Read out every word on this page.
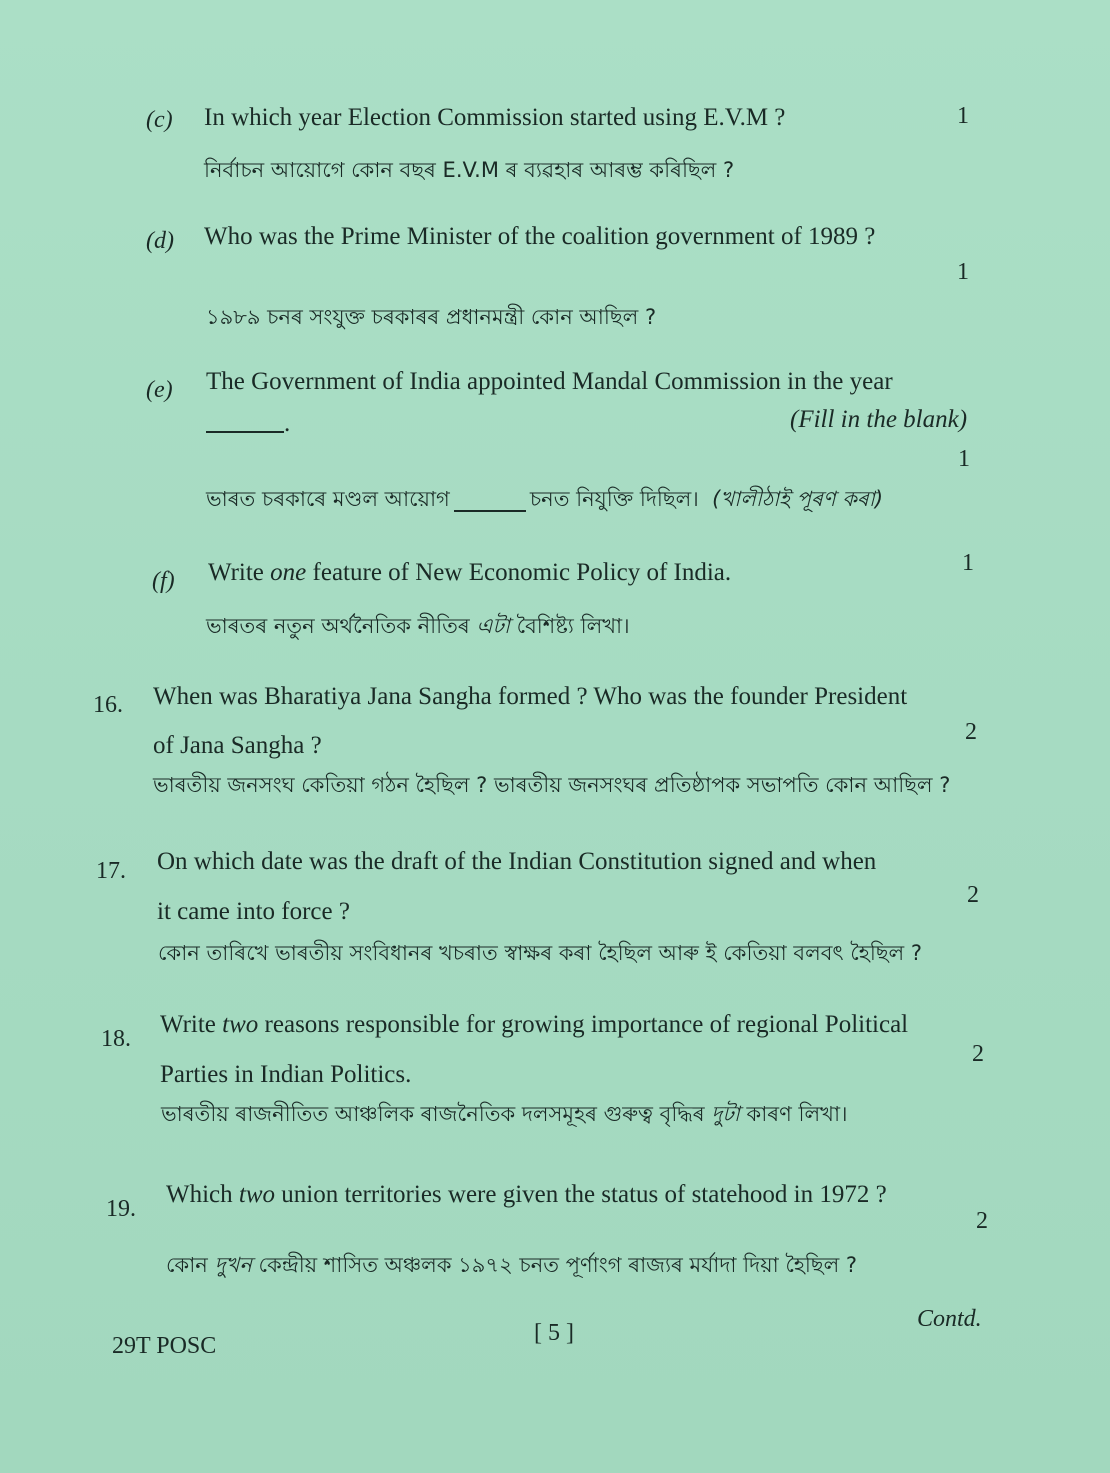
(c) In which year Election Commission started using E.V.M ?	1
নির্বাচন আয়োগে কোন বছৰ E.V.M ৰ ব্যৱহাৰ আৰম্ভ কৰিছিল ?
(d) Who was the Prime Minister of the coalition government of 1989 ?
1
১৯৮৯ চনৰ সংযুক্ত চৰকাৰৰ প্ৰধানমন্ত্ৰী কোন আছিল ?
(e) The Government of India appointed Mandal Commission in the year
.	(Fill in the blank)
1
ভাৰত চৰকাৰে মণ্ডল আয়োগ	চনত নিযুক্তি দিছিল। (খালীঠাই পূৰণ কৰা)
(f) Write one feature of New Economic Policy of India.	1
ভাৰতৰ নতুন অৰ্থনৈতিক নীতিৰ এটা বৈশিষ্ট্য লিখা।
16. When was Bharatiya Jana Sangha formed ? Who was the founder President
of Jana Sangha ?	2
ভাৰতীয় জনসংঘ কেতিয়া গঠন হৈছিল ? ভাৰতীয় জনসংঘৰ প্ৰতিষ্ঠাপক সভাপতি কোন আছিল ?
17. On which date was the draft of the Indian Constitution signed and when
it came into force ?
2
কোন তাৰিখে ভাৰতীয় সংবিধানৰ খচৰাত স্বাক্ষৰ কৰা হৈছিল আৰু ই কেতিয়া বলবৎ হৈছিল ?
18.
Write two reasons responsible for growing importance of regional Political
Parties in Indian Politics.
2
ভাৰতীয় ৰাজনীতিত আঞ্চলিক ৰাজনৈতিক দলসমূহৰ গুৰুত্ব বৃদ্ধিৰ দুটা কাৰণ লিখা।
19.
Which two union territories were given the status of statehood in 1972 ?
2
কোন দুখন কেন্দ্ৰীয় শাসিত অঞ্চলক ১৯৭২ চনত পূৰ্ণাংগ ৰাজ্যৰ মৰ্যাদা দিয়া হৈছিল ?
29T POSC	[ 5 ]
Contd.
